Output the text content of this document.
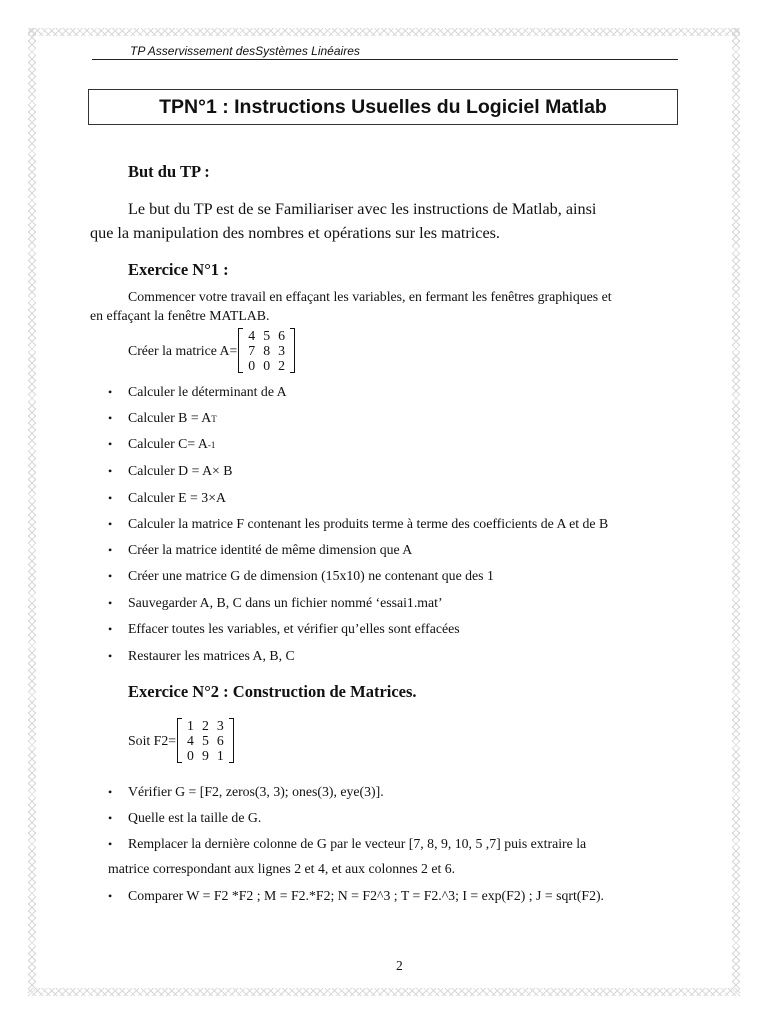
TP Asservissement desSystèmes Linéaires
TPN°1 : Instructions Usuelles du Logiciel Matlab
But du TP :
Le but du TP est de se Familiariser avec les instructions de Matlab, ainsi
que la manipulation des nombres et opérations sur les matrices.
Exercice N°1 :
Commencer votre travail en effaçant les variables, en fermant les fenêtres graphiques et
en effaçant la fenêtre MATLAB.
Créer la matrice A=
4	5	6
7	8	3
0	0	2
•	Calculer le déterminant de A
•	Calculer B = A T
•	Calculer C= A -1
•	Calculer D = A× B
•	Calculer E = 3×A
•	Calculer la matrice F contenant les produits terme à terme des coefficients de A et de B
•	Créer la matrice identité de même dimension que A
•	Créer une matrice G de dimension (15x10) ne contenant que des 1
•	Sauvegarder A, B, C dans un fichier nommé ‘essai1.mat’
•	Effacer toutes les variables, et vérifier qu’elles sont effacées
•	Restaurer les matrices A, B, C
Exercice N°2 : Construction de Matrices.
Soit F2=
1	2	3
4	5	6
0	9	1
•	Vérifier G = [F2, zeros(3, 3); ones(3), eye(3)].
•	Quelle est la taille de G.
•	Remplacer la dernière colonne de G par le vecteur [7, 8, 9, 10, 5 ,7] puis extraire la
matrice correspondant aux lignes 2 et 4, et aux colonnes 2 et 6.
•	Comparer W = F2 *F2 ; M = F2.*F2; N = F2^3 ; T = F2.^3; I = exp(F2) ; J = sqrt(F2).
2
